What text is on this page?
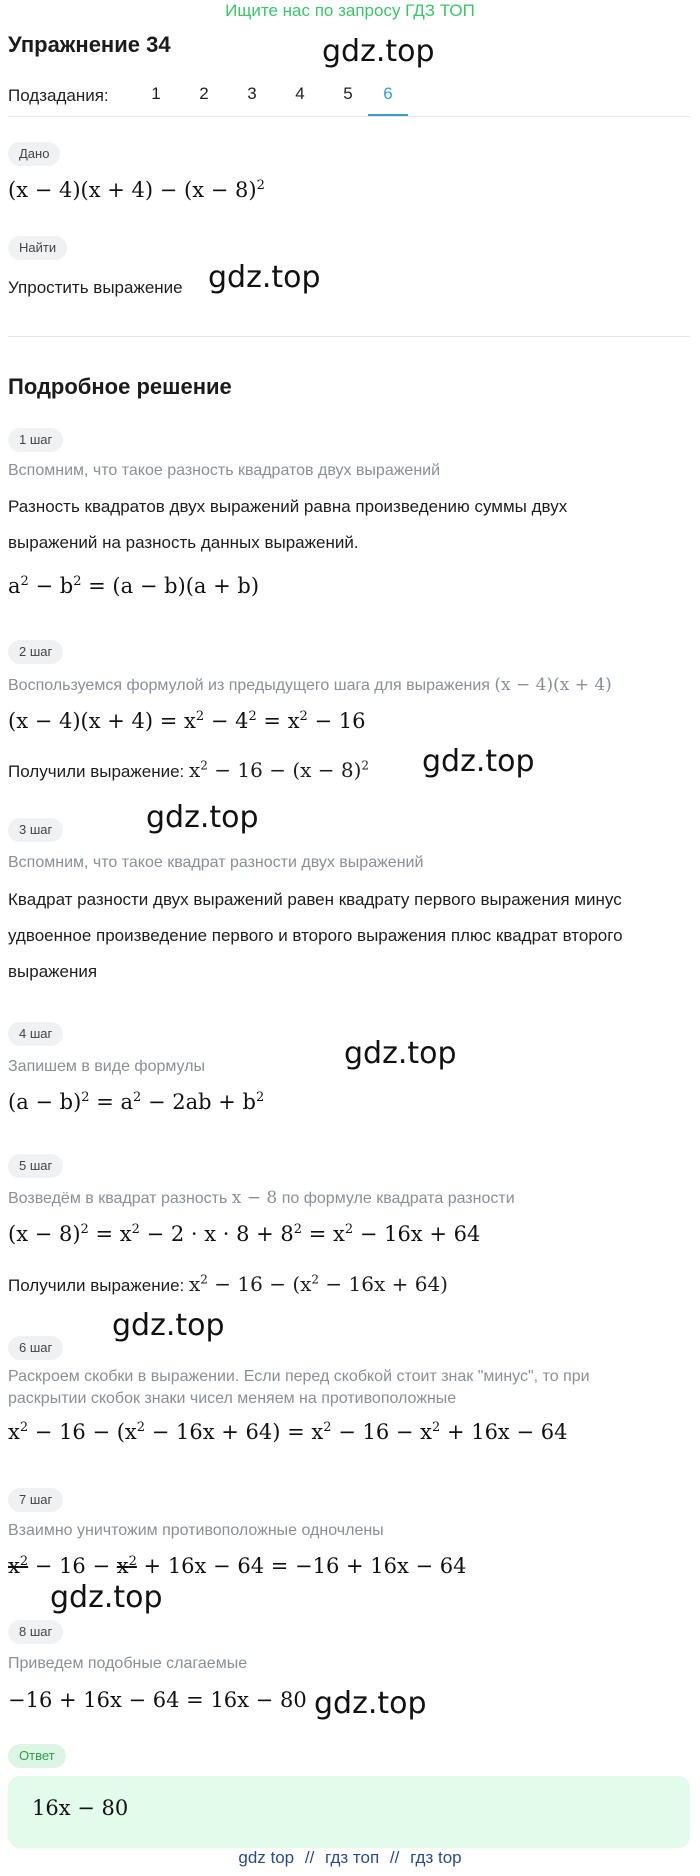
Ищите нас по запросу ГДЗ ТОП
Упражнение 34	gdz.top
Подзадания:	1	2	3	4	5	6
Дано
$(x - 4)(x + 4) - (x - 8)^2$
Найти
Упростить выражение gdz.top
Подробное решение
1 шаг
Вспомним, что такое разность квадратов двух выражений
Разность квадратов двух выражений равна произведению суммы двух
выражений на разность данных выражений.
$a^2 - b^2 = (a - b)(a + b)$
2 шаг
Воспользуемся формулой из предыдущего шага для выражения (x − 4)(x + 4)
$(x - 4)(x + 4) = x^2 - 4^2 = x^2 - 16$
Получили выражение: $x^2 - 16 - (x - 8)^2$ gdz.top
3 шаг	gdz.top
Вспомним, что такое квадрат разности двух выражений
Квадрат разности двух выражений равен квадрату первого выражения минус
удвоенное произведение первого и второго выражения плюс квадрат второго
выражения
4 шаг
gdz.top
Запишем в виде формулы
$(a - b)^2 = a^2 - 2ab + b^2$
5 шаг
Возведём в квадрат разность x − 8 по формуле квадрата разности
$(x - 8)^2 = x^2 - 2 \cdot x \cdot 8 + 8^2 = x^2 - 16x + 64$
Получили выражение: $x^2 - 16 - (x^2 - 16x + 64)$
6 шаг
gdz.top
Раскроем скобки в выражении. Если перед скобкой стоит знак "минус", то при
раскрытии скобок знаки чисел меняем на противоположные
$x^2 - 16 - (x^2 - 16x + 64) = x^2 - 16 - x^2 + 16x - 64$
7 шаг
Взаимно уничтожим противоположные одночлены
$x^2 - 16 - x^2 + 16x - 64 = -16 + 16x - 64$
gdz.top
8 шаг
Приведем подобные слагаемые
−16 + 16x − 64 = 16x − 80 gdz.top
Ответ
16x − 80
gdz top // гдз топ // гдз top
